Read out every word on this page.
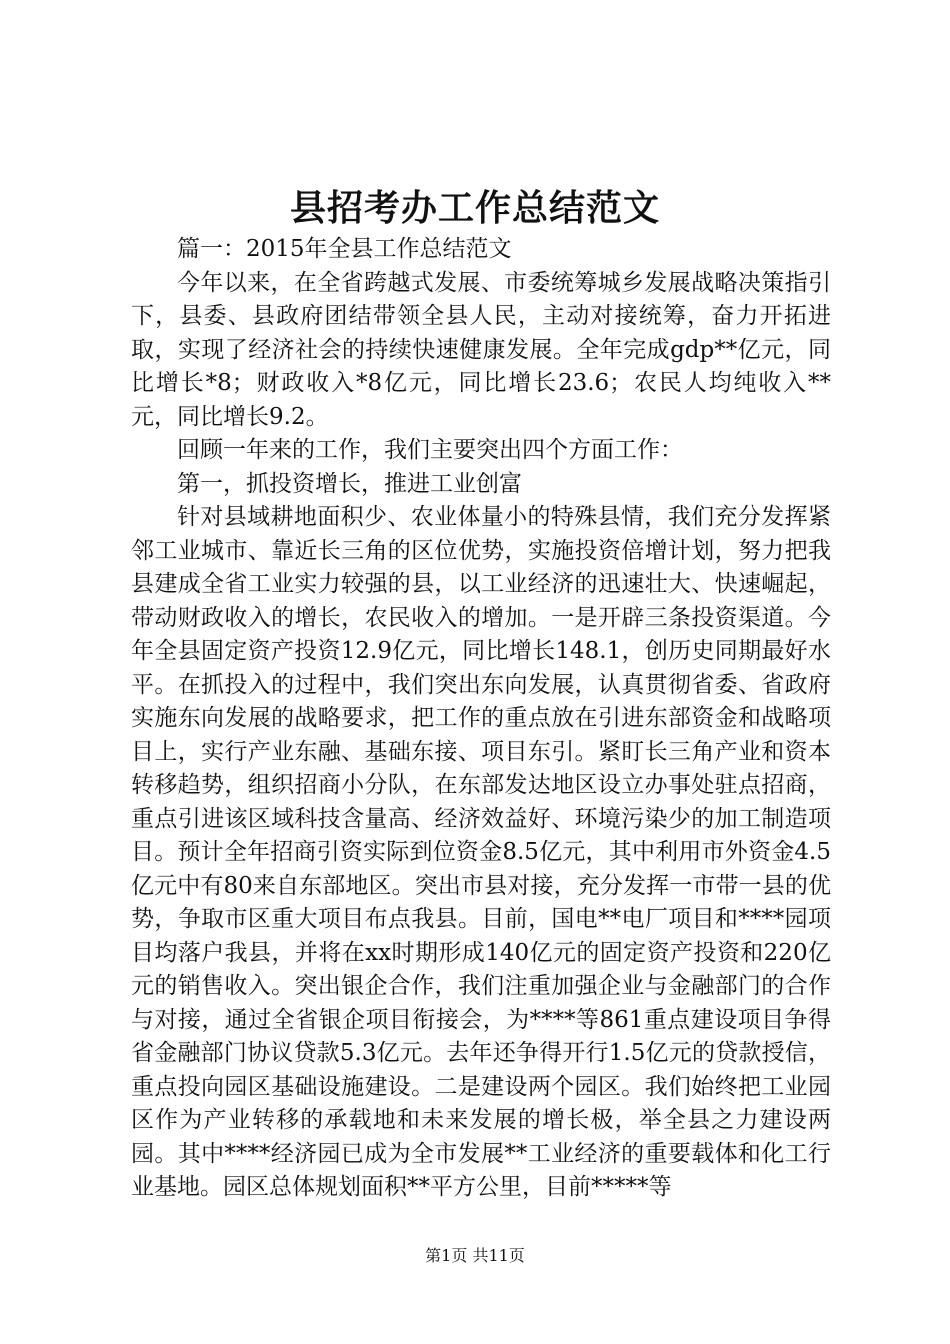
县招考办工作总结范文

篇一：2015年全县工作总结范文

今年以来，在全省跨越式发展、市委统筹城乡发展战略决策指引下，县委、县政府团结带领全县人民，主动对接统筹，奋力开拓进取，实现了经济社会的持续快速健康发展。全年完成gdp**亿元，同比增长*8；财政收入*8亿元，同比增长23.6；农民人均纯收入**元，同比增长9.2。

回顾一年来的工作，我们主要突出四个方面工作：

第一，抓投资增长，推进工业创富

针对县域耕地面积少、农业体量小的特殊县情，我们充分发挥紧邻工业城市、靠近长三角的区位优势，实施投资倍增计划，努力把我县建成全省工业实力较强的县，以工业经济的迅速壮大、快速崛起，带动财政收入的增长，农民收入的增加。一是开辟三条投资渠道。今年全县固定资产投资12.9亿元，同比增长148.1，创历史同期最好水平。在抓投入的过程中，我们突出东向发展，认真贯彻省委、省政府实施东向发展的战略要求，把工作的重点放在引进东部资金和战略项目上，实行产业东融、基础东接、项目东引。紧盯长三角产业和资本转移趋势，组织招商小分队，在东部发达地区设立办事处驻点招商，重点引进该区域科技含量高、经济效益好、环境污染少的加工制造项目。预计全年招商引资实际到位资金8.5亿元，其中利用市外资金4.5亿元中有80来自东部地区。突出市县对接，充分发挥一市带一县的优势，争取市区重大项目布点我县。目前，国电**电厂项目和****园项目均落户我县，并将在xx时期形成140亿元的固定资产投资和220亿元的销售收入。突出银企合作，我们注重加强企业与金融部门的合作与对接，通过全省银企项目衔接会，为****等861重点建设项目争得省金融部门协议贷款5.3亿元。去年还争得开行1.5亿元的贷款授信，重点投向园区基础设施建设。二是建设两个园区。我们始终把工业园区作为产业转移的承载地和未来发展的增长极，举全县之力建设两园。其中****经济园已成为全市发展**工业经济的重要载体和化工行业基地。园区总体规划面积**平方公里，目前*****等

第1页 共11页
